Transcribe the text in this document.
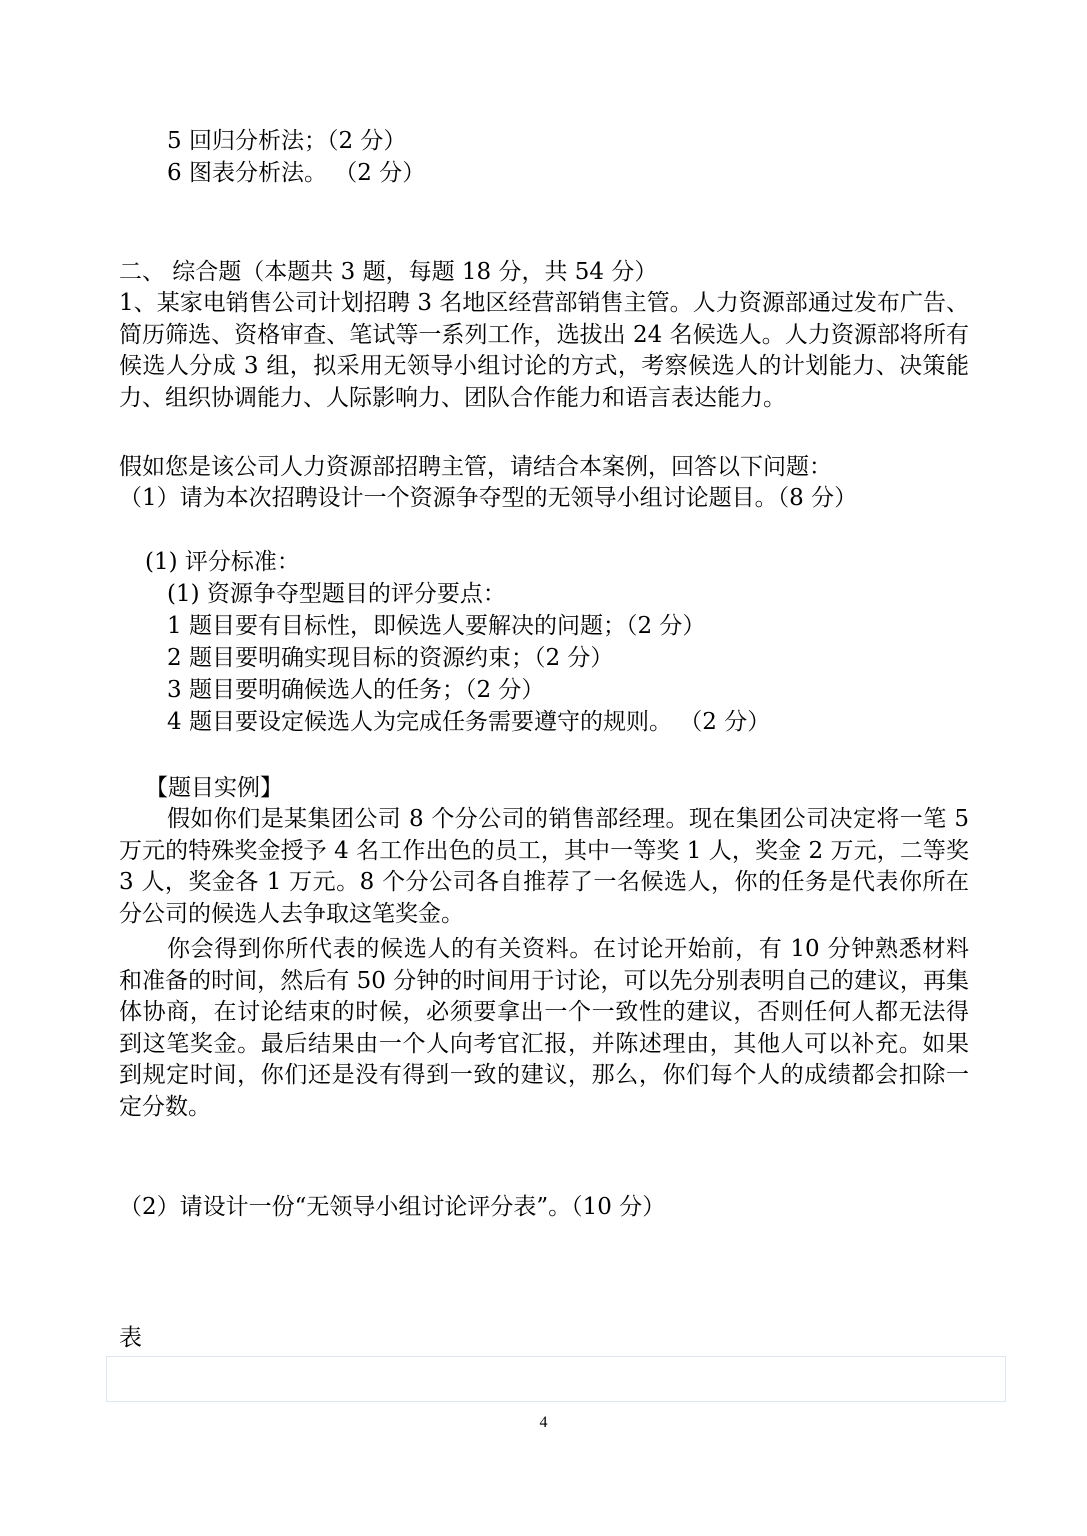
5 回归分析法；（2 分）
6 图表分析法。 （2 分）
二、 综合题（本题共 3 题，每题 18 分，共 54 分）
1、某家电销售公司计划招聘 3 名地区经营部销售主管。人力资源部通过发布广告、简历筛选、资格审查、笔试等一系列工作，选拔出 24 名候选人。人力资源部将所有候选人分成 3 组，拟采用无领导小组讨论的方式，考察候选人的计划能力、决策能力、组织协调能力、人际影响力、团队合作能力和语言表达能力。
假如您是该公司人力资源部招聘主管，请结合本案例，回答以下问题：
（1）请为本次招聘设计一个资源争夺型的无领导小组讨论题目。（8 分）
(1) 评分标准：
(1) 资源争夺型题目的评分要点：
1 题目要有目标性，即候选人要解决的问题；（2 分）
2 题目要明确实现目标的资源约束；（2 分）
3 题目要明确候选人的任务；（2 分）
4 题目要设定候选人为完成任务需要遵守的规则。 （2 分）
【题目实例】
假如你们是某集团公司 8 个分公司的销售部经理。现在集团公司决定将一笔 5 万元的特殊奖金授予 4 名工作出色的员工，其中一等奖 1 人，奖金 2 万元，二等奖 3 人，奖金各 1 万元。8 个分公司各自推荐了一名候选人，你的任务是代表你所在分公司的候选人去争取这笔奖金。
你会得到你所代表的候选人的有关资料。在讨论开始前，有 10 分钟熟悉材料和准备的时间，然后有 50 分钟的时间用于讨论，可以先分别表明自己的建议，再集体协商，在讨论结束的时候，必须要拿出一个一致性的建议，否则任何人都无法得到这笔奖金。最后结果由一个人向考官汇报，并陈述理由，其他人可以补充。如果到规定时间，你们还是没有得到一致的建议，那么，你们每个人的成绩都会扣除一定分数。
（2）请设计一份“无领导小组讨论评分表”。（10 分）
表
4
